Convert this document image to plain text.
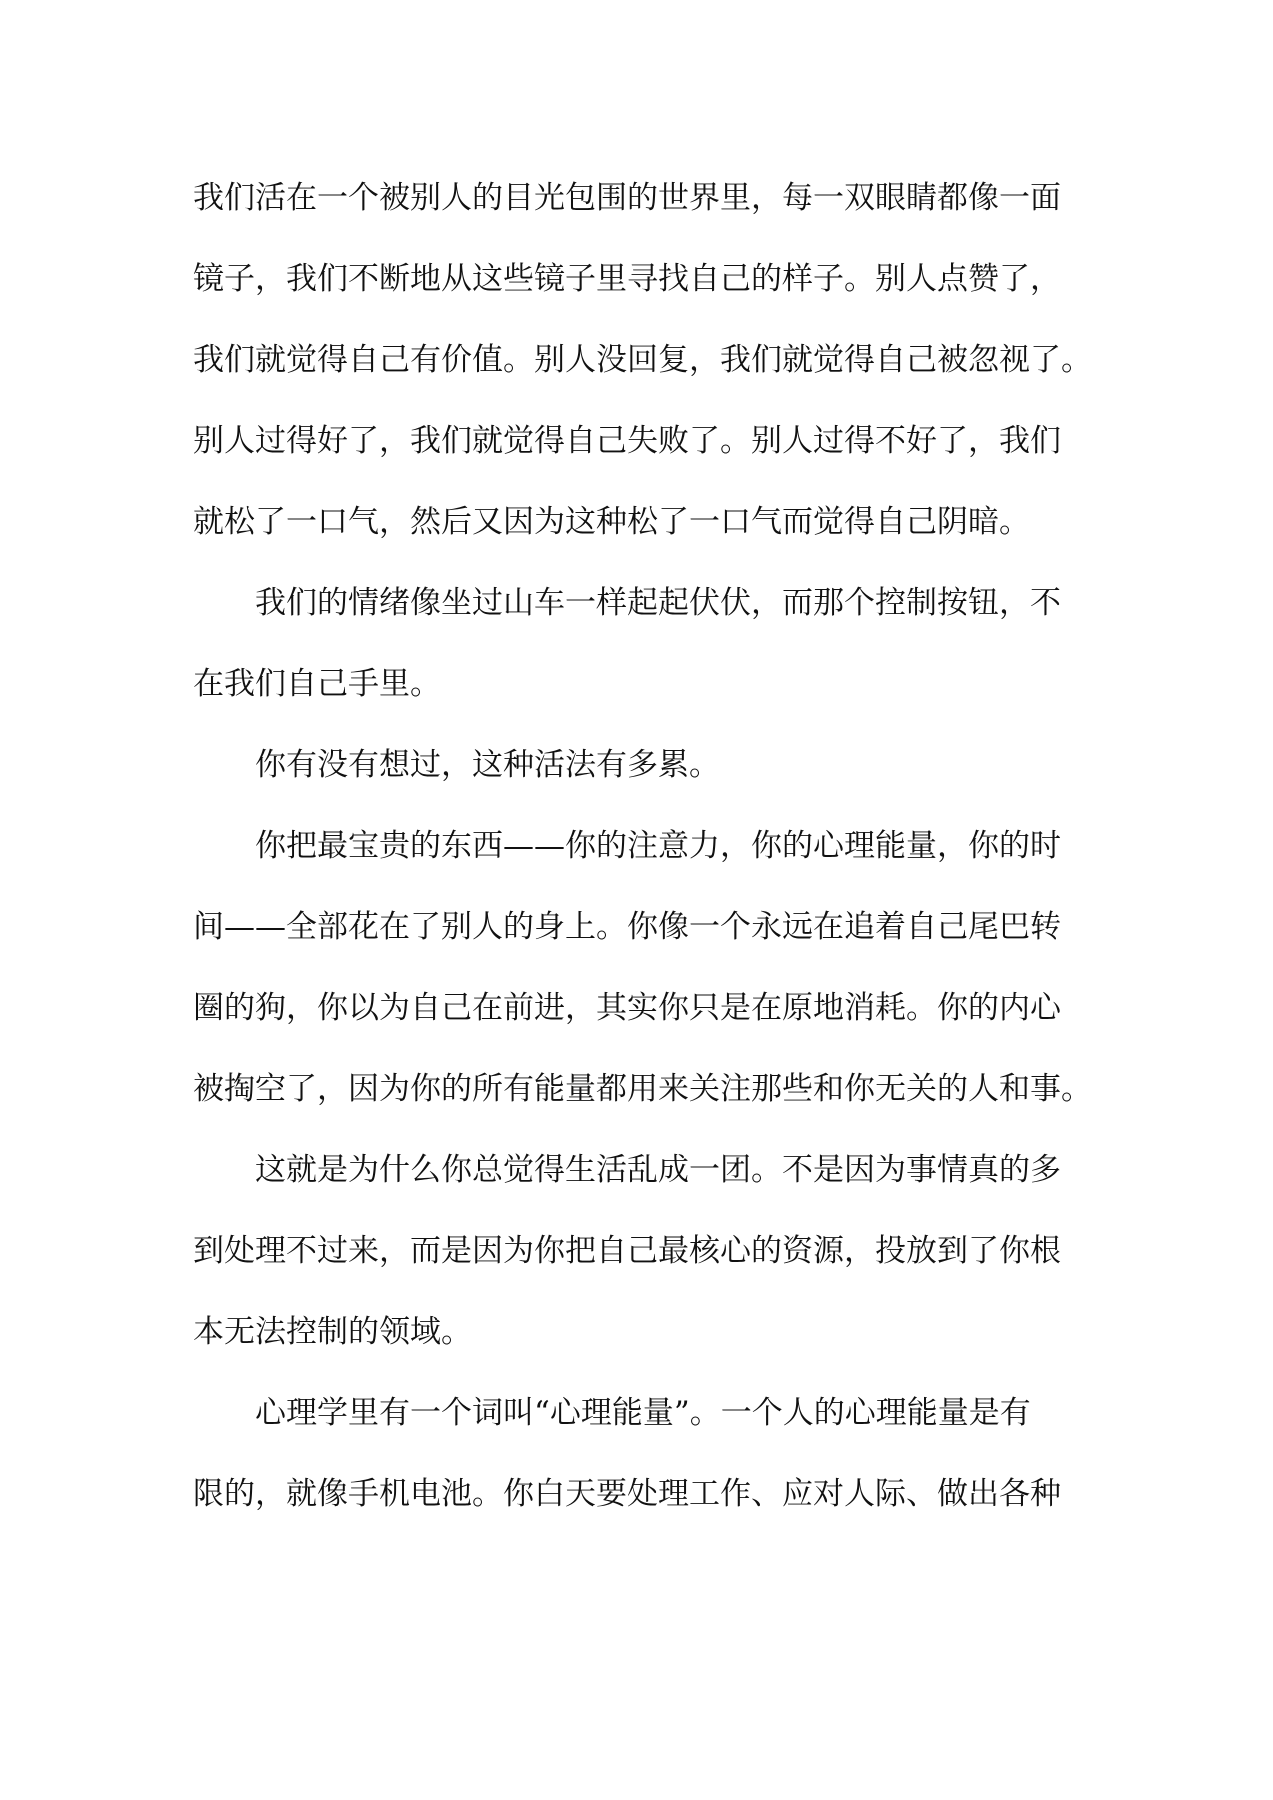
我们活在一个被别人的目光包围的世界里，每一双眼睛都像一面
镜子，我们不断地从这些镜子里寻找自己的样子。别人点赞了，
我们就觉得自己有价值。别人没回复，我们就觉得自己被忽视了。
别人过得好了，我们就觉得自己失败了。别人过得不好了，我们
就松了一口气，然后又因为这种松了一口气而觉得自己阴暗。
我们的情绪像坐过山车一样起起伏伏，而那个控制按钮，不
在我们自己手里。
你有没有想过，这种活法有多累。
你把最宝贵的东西——你的注意力，你的心理能量，你的时
间——全部花在了别人的身上。你像一个永远在追着自己尾巴转
圈的狗，你以为自己在前进，其实你只是在原地消耗。你的内心
被掏空了，因为你的所有能量都用来关注那些和你无关的人和事。
这就是为什么你总觉得生活乱成一团。不是因为事情真的多
到处理不过来，而是因为你把自己最核心的资源，投放到了你根
本无法控制的领域。
心理学里有一个词叫“心理能量”。一个人的心理能量是有
限的，就像手机电池。你白天要处理工作、应对人际、做出各种
